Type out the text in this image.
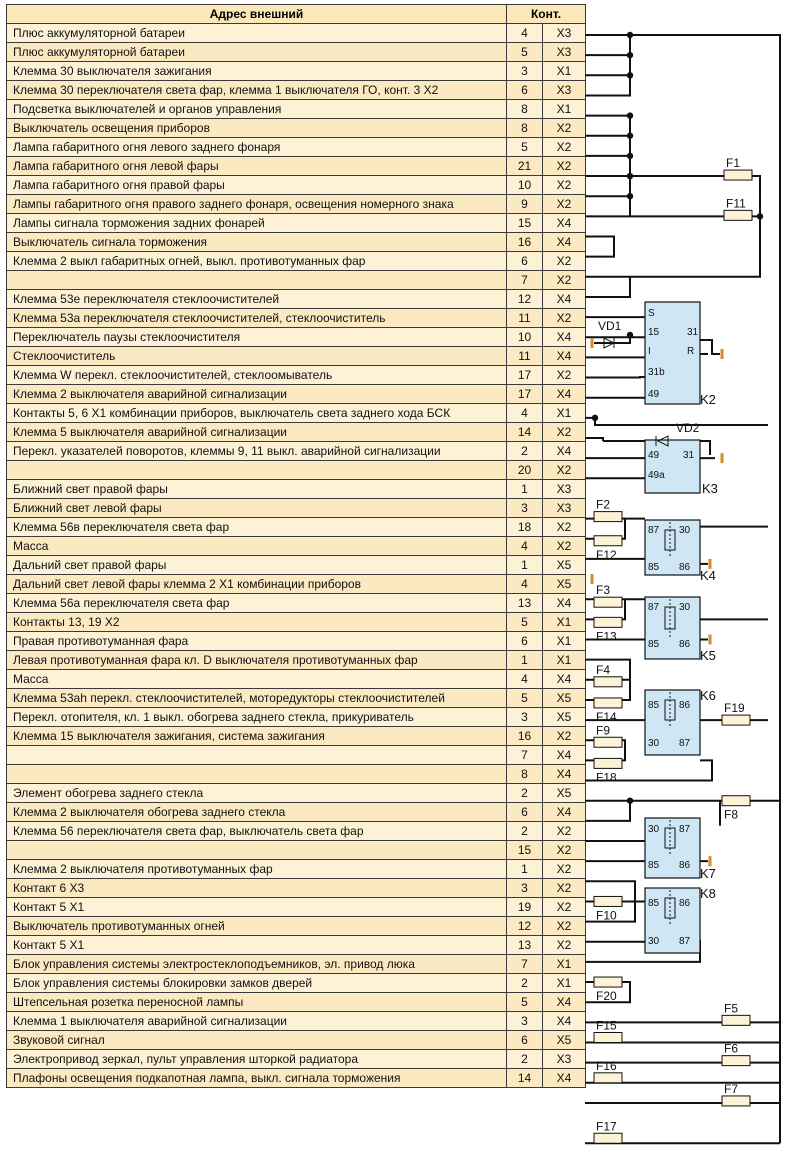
Адрес внешний	Конт.	
Плюс аккумуляторной батареи	4	Х3
Плюс аккумуляторной батареи	5	Х3
Клемма 30 выключателя зажигания	3	Х1
Клемма 30 переключателя света фар, клемма 1 выключателя ГО, конт. 3 Х2	6	Х3
Подсветка выключателей и органов управления	8	Х1
Выключатель освещения приборов	8	Х2
Лампа габаритного огня левого заднего фонаря	5	Х2
Лампа габаритного огня левой фары	21	Х2
Лампа габаритного огня правой фары	10	Х2
Лампы габаритного огня правого заднего фонаря, освещения номерного знака	9	Х2
Лампы сигнала торможения задних фонарей	15	Х4
Выключатель сигнала торможения	16	Х4
Клемма 2 выкл габаритных огней, выкл. противотуманных фар	6	Х2
	7	Х2
Клемма 53е переключателя стеклоочистителей	12	Х4
Клемма 53а переключателя стеклоочистителей, стеклоочиститель	11	Х2
Переключатель паузы стеклоочистителя	10	Х4
Стеклоочиститель	11	Х4
Клемма W перекл. стеклоочистителей, стеклоомыватель	17	Х2
Клемма 2 выключателя аварийной сигнализации	17	Х4
Контакты 5, 6 Х1 комбинации приборов, выключатель света заднего хода БСК	4	Х1
Клемма 5 выключателя аварийной сигнализации	14	Х2
Перекл. указателей поворотов, клеммы 9, 11 выкл. аварийной сигнализации	2	Х4
	20	Х2
Ближний свет правой фары	1	Х3
Ближний свет левой фары	3	Х3
Клемма 56в переключателя света фар	18	Х2
Масса	4	Х2
Дальний свет правой фары	1	Х5
Дальний свет левой фары клемма 2 Х1 комбинации приборов	4	Х5
Клемма 56а переключателя света фар	13	Х4
Контакты 13, 19 Х2	5	Х1
Правая противотуманная фара	6	Х1
Левая противотуманная фара кл. D выключателя противотуманных фар	1	Х1
Масса	4	Х4
Клемма 53ah перекл. стеклоочистителей, моторедукторы стеклоочистителей	5	Х5
Перекл. отопителя, кл. 1 выкл. обогрева заднего стекла, прикуриватель	3	Х5
Клемма 15 выключателя зажигания, система зажигания	16	Х2
	7	Х4
	8	Х4
Элемент обогрева заднего стекла	2	Х5
Клемма 2 выключателя обогрева заднего стекла	6	Х4
Клемма 56 переключателя света фар, выключатель света фар	2	Х2
	15	Х2
Клемма 2 выключателя противотуманных фар	1	Х2
Контакт 6 Х3	3	Х2
Контакт 5 Х1	19	Х2
Выключатель противотуманных огней	12	Х2
Контакт 5 Х1	13	Х2
Блок управления системы электростеклоподъемников, эл. привод люка	7	Х1
Блок управления системы блокировки замков дверей	2	Х1
Штепсельная розетка переносной лампы	5	Х4
Клемма 1 выключателя аварийной сигнализации	3	Х4
Звуковой сигнал	6	Х5
Электропривод зеркал, пульт управления шторкой радиатора	2	Х3
Плафоны освещения подкапотная лампа, выкл. сигнала торможения	14	Х4
F1
F11
F2
F12
F3
F13
F4
F14
F19
F9
F18
F8
F10
F20
F5
F15
F6
F16
F7
F17
S
15	31
I	R
31b
49	K2
49 31
49a
K3
87 30
85 86
K4
87 30
85 86
K5
85 86
30 87
K6
30 87
85 86
K7
85 86
30 87
K8
VD1
VD2
